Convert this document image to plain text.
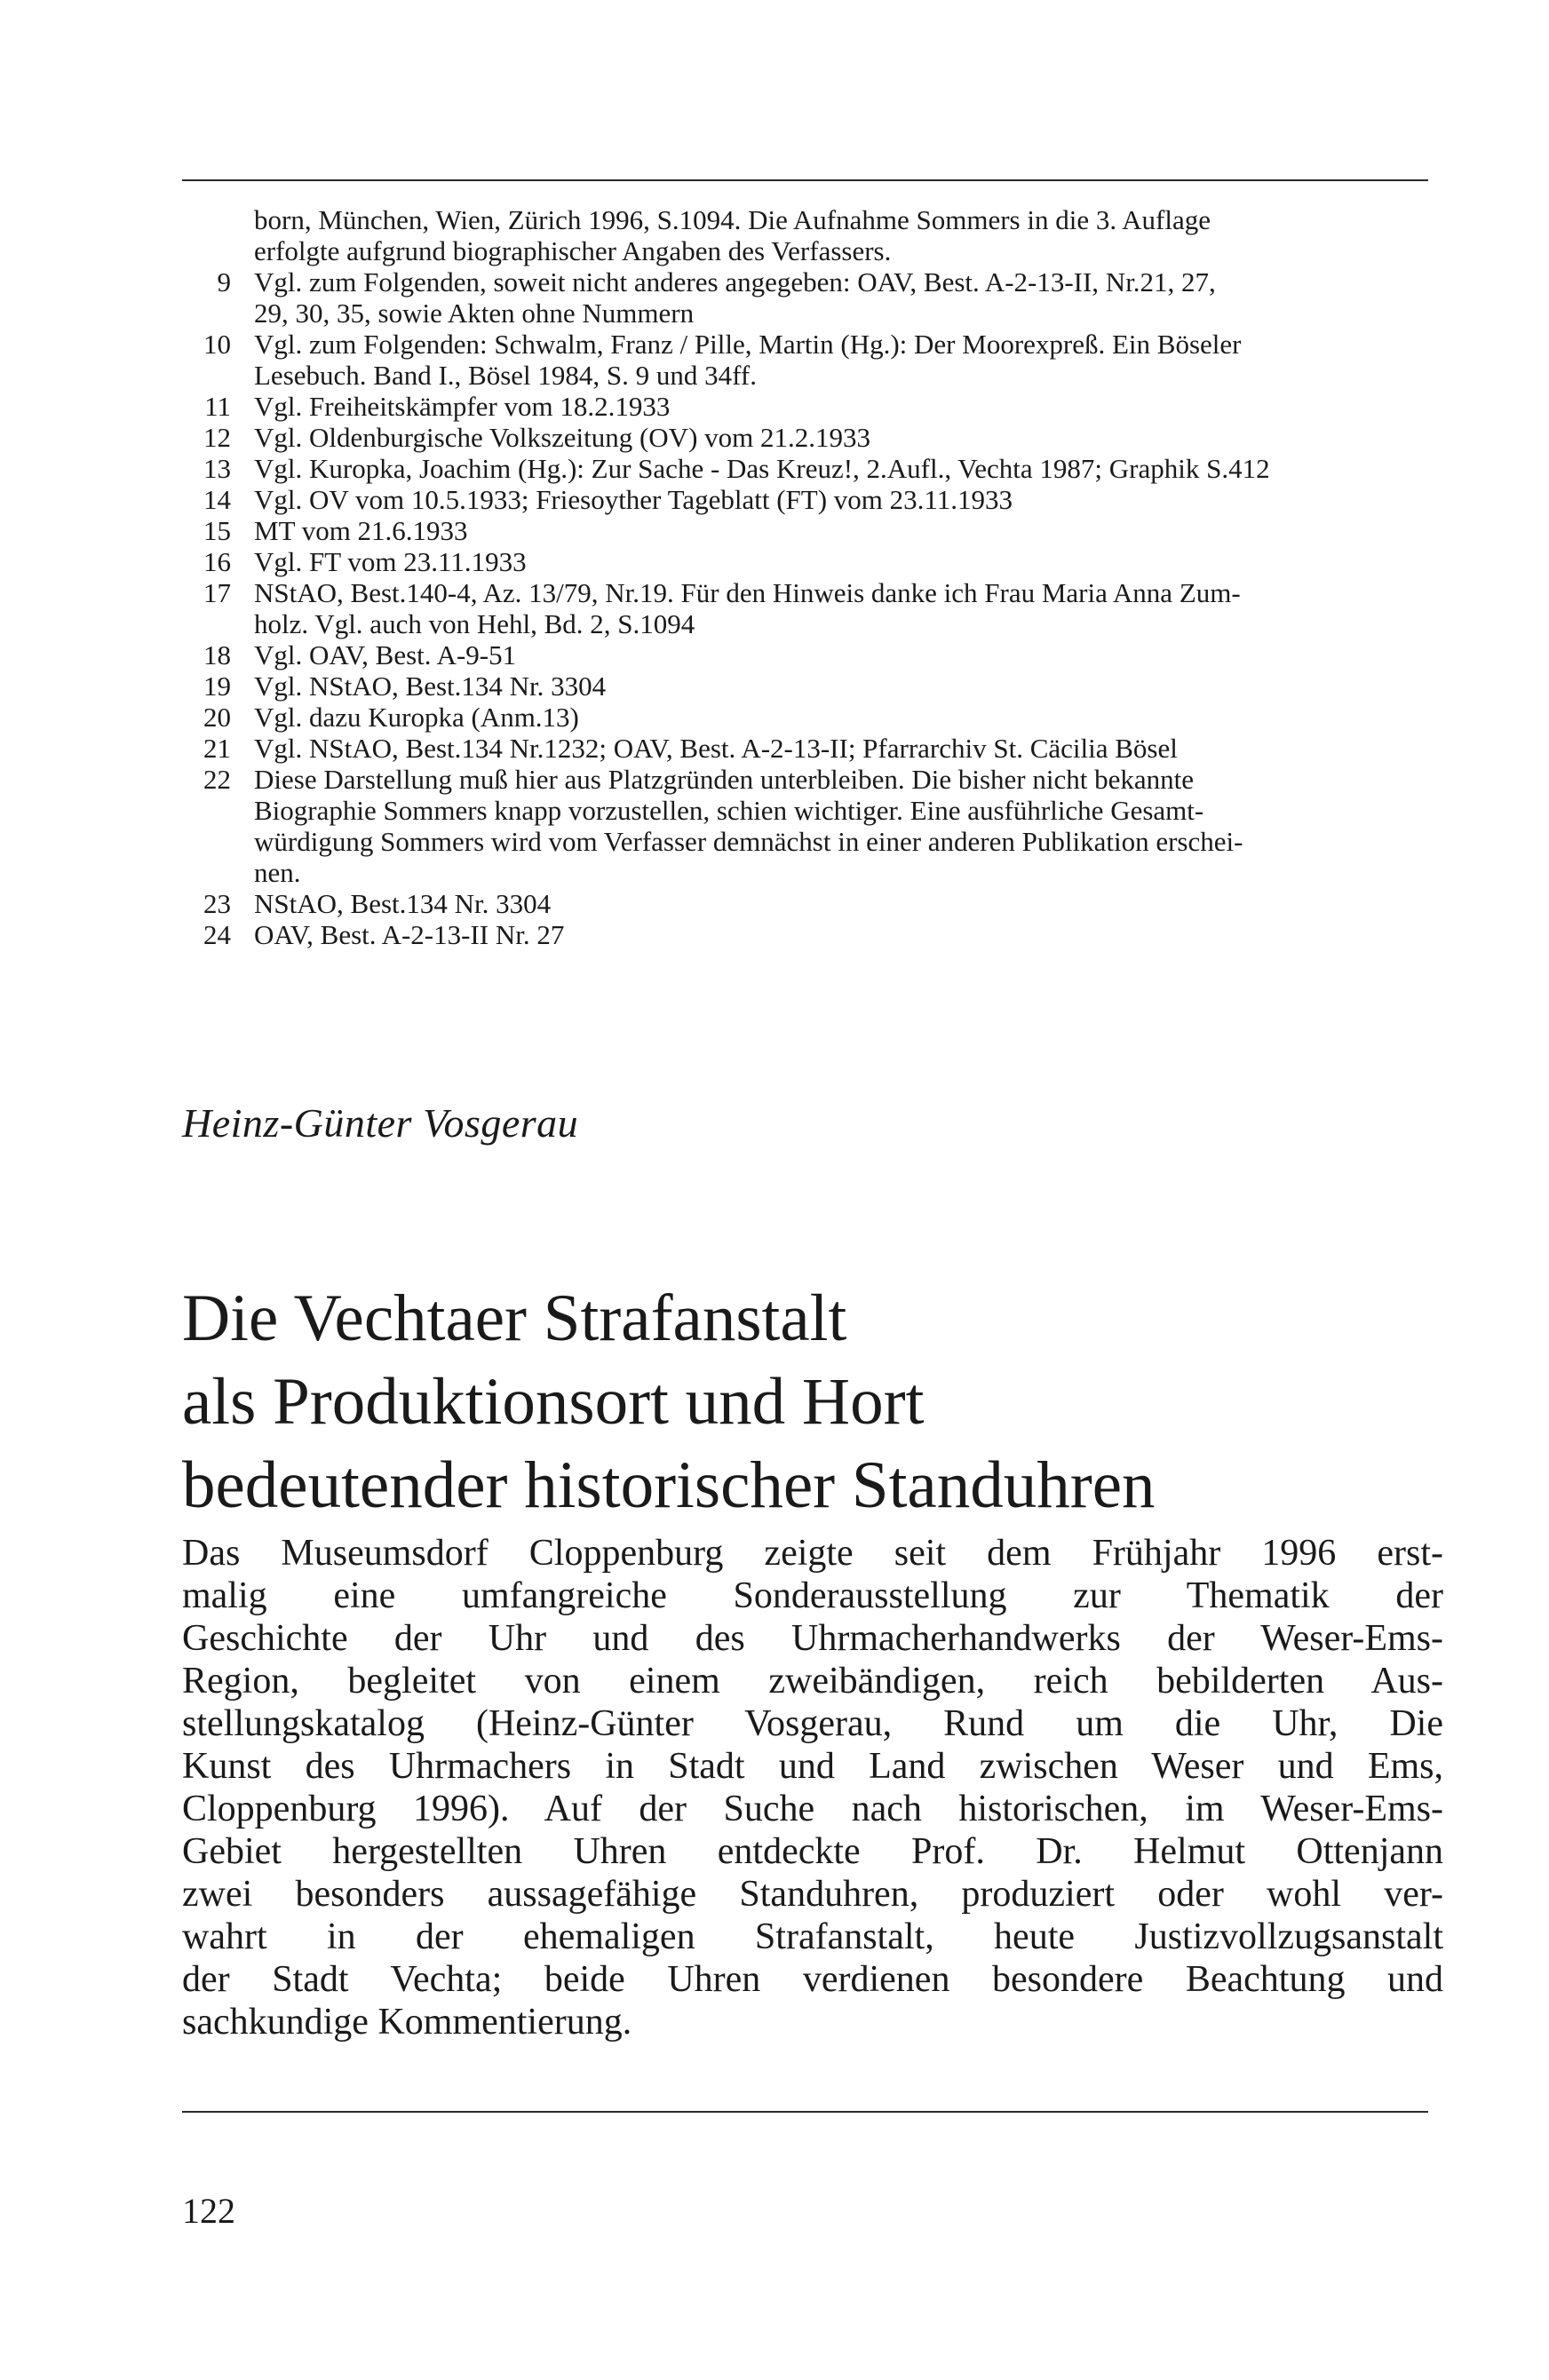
born, München, Wien, Zürich 1996, S.1094. Die Aufnahme Sommers in die 3. Auflage
erfolgte aufgrund biographischer Angaben des Verfassers.
9 Vgl. zum Folgenden, soweit nicht anderes angegeben: OAV, Best. A-2-13-II, Nr.21, 27,
29, 30, 35, sowie Akten ohne Nummern
10 Vgl. zum Folgenden: Schwalm, Franz / Pille, Martin (Hg.): Der Moorexpreß. Ein Böseler
Lesebuch. Band I., Bösel 1984, S. 9 und 34ff.
11 Vgl. Freiheitskämpfer vom 18.2.1933
12 Vgl. Oldenburgische Volkszeitung (OV) vom 21.2.1933
13 Vgl. Kuropka, Joachim (Hg.): Zur Sache - Das Kreuz!, 2.Aufl., Vechta 1987; Graphik S.412
14 Vgl. OV vom 10.5.1933; Friesoyther Tageblatt (FT) vom 23.11.1933
15 MT vom 21.6.1933
16 Vgl. FT vom 23.11.1933
17 NStAO, Best.140-4, Az. 13/79, Nr.19. Für den Hinweis danke ich Frau Maria Anna Zum-
holz. Vgl. auch von Hehl, Bd. 2, S.1094
18 Vgl. OAV, Best. A-9-51
19 Vgl. NStAO, Best.134 Nr. 3304
20 Vgl. dazu Kuropka (Anm.13)
21 Vgl. NStAO, Best.134 Nr.1232; OAV, Best. A-2-13-II; Pfarrarchiv St. Cäcilia Bösel
22 Diese Darstellung muß hier aus Platzgründen unterbleiben. Die bisher nicht bekannte
Biographie Sommers knapp vorzustellen, schien wichtiger. Eine ausführliche Gesamt-
würdigung Sommers wird vom Verfasser demnächst in einer anderen Publikation erschei-
nen.
23 NStAO, Best.134 Nr. 3304
24 OAV, Best. A-2-13-II Nr. 27
Heinz-Günter Vosgerau
Die Vechtaer Strafanstalt
als Produktionsort und Hort
bedeutender historischer Standuhren
Das Museumsdorf Cloppenburg zeigte seit dem Frühjahr 1996 erst-
malig eine umfangreiche Sonderausstellung zur Thematik der
Geschichte der Uhr und des Uhrmacherhandwerks der Weser-Ems-
Region, begleitet von einem zweibändigen, reich bebilderten Aus-
stellungskatalog (Heinz-Günter Vosgerau, Rund um die Uhr, Die
Kunst des Uhrmachers in Stadt und Land zwischen Weser und Ems,
Cloppenburg 1996). Auf der Suche nach historischen, im Weser-Ems-
Gebiet hergestellten Uhren entdeckte Prof. Dr. Helmut Ottenjann
zwei besonders aussagefähige Standuhren, produziert oder wohl ver-
wahrt in der ehemaligen Strafanstalt, heute Justizvollzugsanstalt
der Stadt Vechta; beide Uhren verdienen besondere Beachtung und
sachkundige Kommentierung.
122
